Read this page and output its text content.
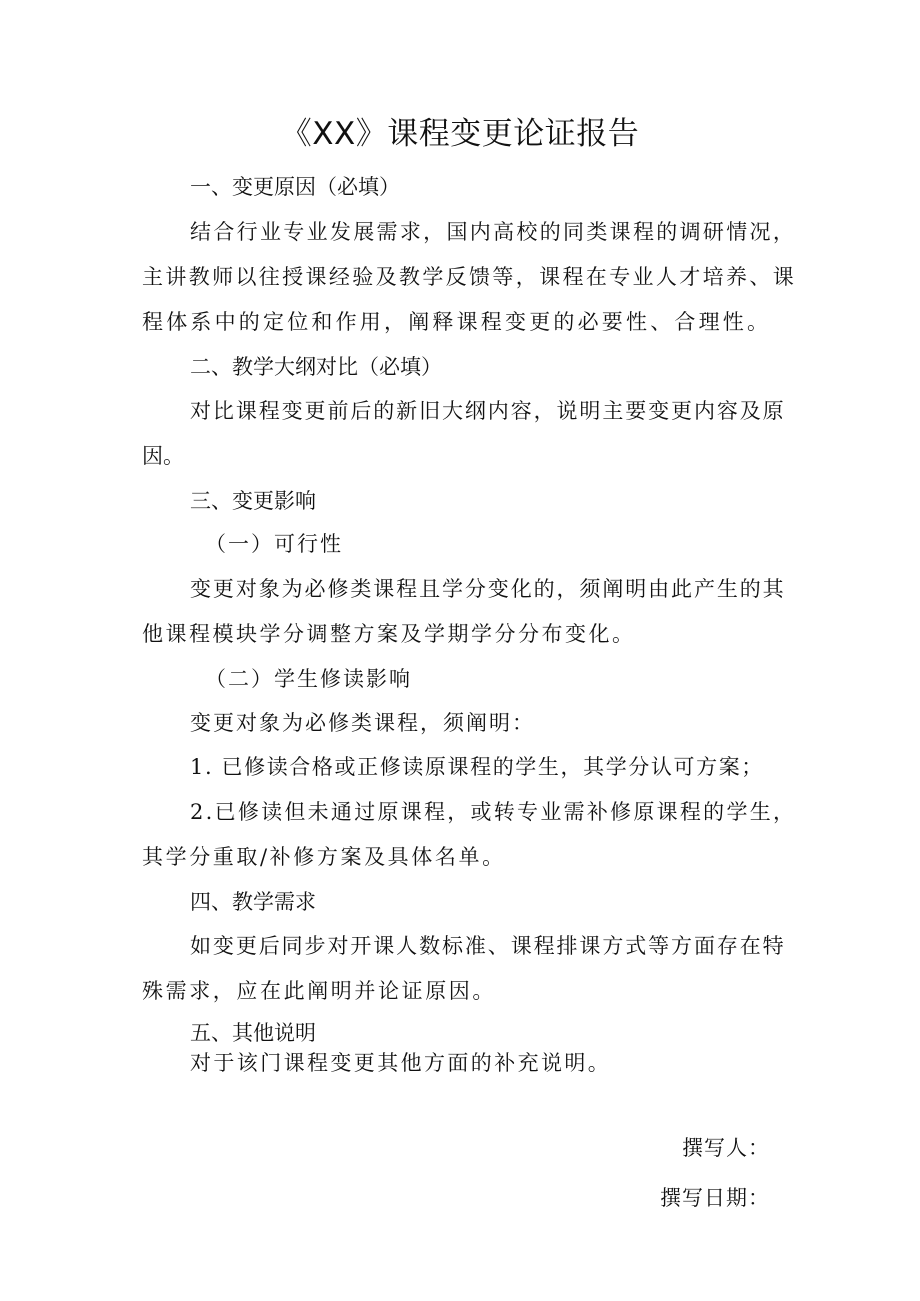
《XX》课程变更论证报告
一、变更原因（必填）
结 合 行 业 专 业 发 展 需 求 ， 国 内 高 校 的 同 类 课 程 的 调 研 情 况 ，
主 讲 教 师 以 往 授 课 经 验 及 教 学 反 馈 等 ， 课 程 在 专 业 人 才 培 养 、 课
程体系中的定位和作用，阐释课程变更的必要性、合理性。
二、教学大纲对比（必填）
对 比 课 程 变 更 前 后 的 新 旧 大 纲 内 容 ， 说 明 主 要 变 更 内 容 及 原
因。
三、变更影响
（一）可行性
变 更 对 象 为 必 修 类 课 程 且 学 分 变 化 的 ， 须 阐 明 由 此 产 生 的 其
他课程模块学分调整方案及学期学分分布变化。
（二）学生修读影响
变更对象为必修类课程，须阐明：
1. 已修读合格或正修读原课程的学生，其学分认可方案；
2 . 已 修 读 但 未 通 过 原 课 程 ， 或 转 专 业 需 补 修 原 课 程 的 学 生 ，
其学分重取/补修方案及具体名单。
四、教学需求
如 变 更 后 同 步 对 开 课 人 数 标 准 、 课 程 排 课 方 式 等 方 面 存 在 特
殊需求，应在此阐明并论证原因。
五、其他说明
对于该门课程变更其他方面的补充说明。
撰写人：
撰写日期：
